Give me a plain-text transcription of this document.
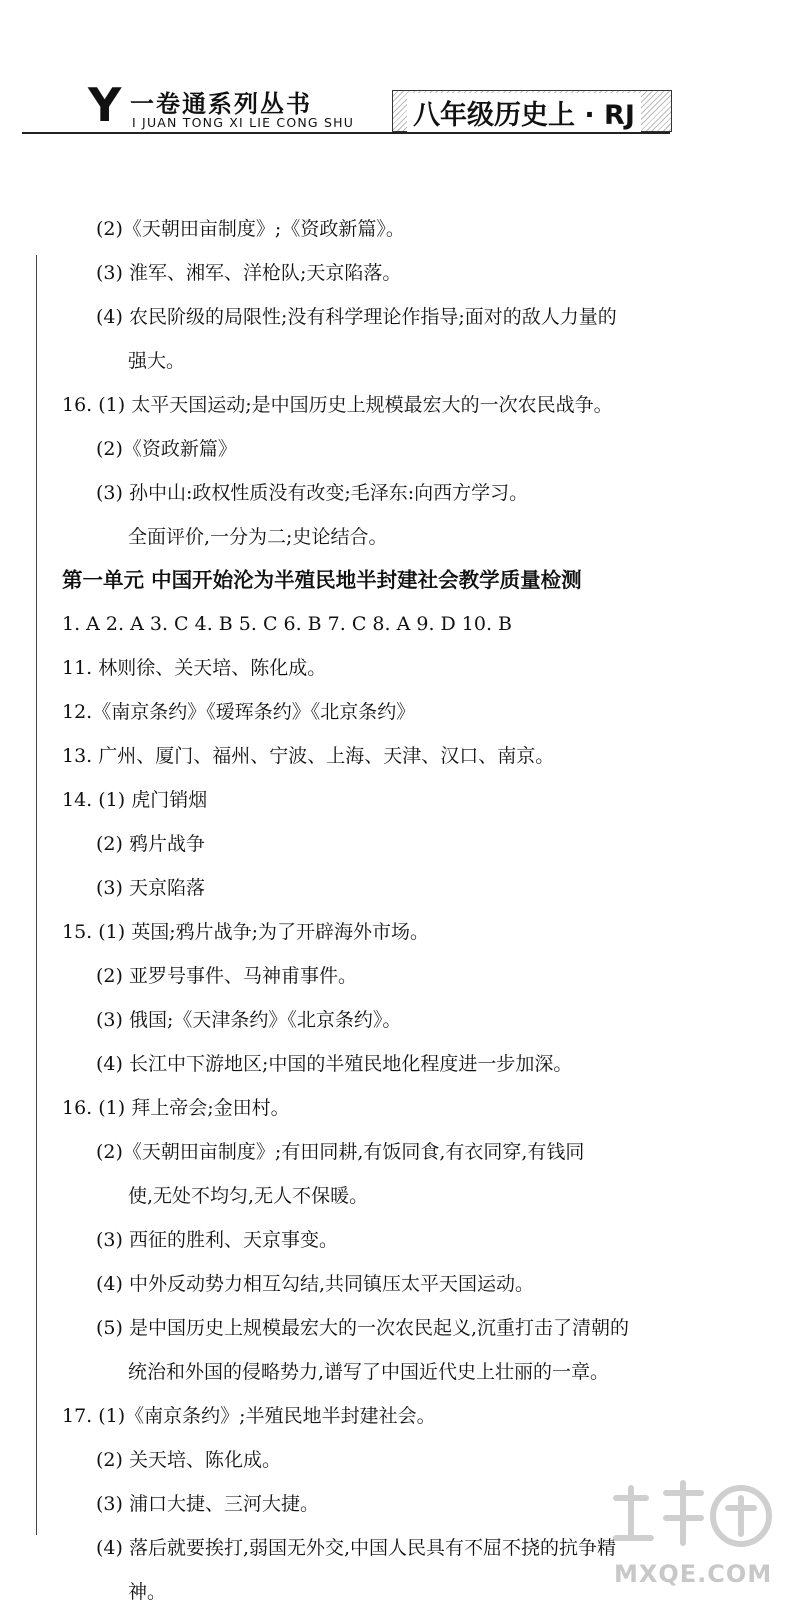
Y 一卷通系列丛书
I JUAN TONG XI LIE CONG SHU 八年级历史上 · RJ
(2)《天朝田亩制度》;《资政新篇》。
(3) 淮军、湘军、洋枪队;天京陷落。
(4) 农民阶级的局限性;没有科学理论作指导;面对的敌人力量的
强大。
16. (1) 太平天国运动;是中国历史上规模最宏大的一次农民战争。
(2)《资政新篇》
(3) 孙中山:政权性质没有改变;毛泽东:向西方学习。
全面评价,一分为二;史论结合。
第一单元 中国开始沦为半殖民地半封建社会教学质量检测
1. A 2. A 3. C 4. B 5. C 6. B 7. C 8. A 9. D 10. B
11. 林则徐、关天培、陈化成。
12.《南京条约》《瑷珲条约》《北京条约》
13. 广州、厦门、福州、宁波、上海、天津、汉口、南京。
14. (1) 虎门销烟
(2) 鸦片战争
(3) 天京陷落
15. (1) 英国;鸦片战争;为了开辟海外市场。
(2) 亚罗号事件、马神甫事件。
(3) 俄国;《天津条约》《北京条约》。
(4) 长江中下游地区;中国的半殖民地化程度进一步加深。
16. (1) 拜上帝会;金田村。
(2)《天朝田亩制度》;有田同耕,有饭同食,有衣同穿,有钱同
使,无处不均匀,无人不保暖。
(3) 西征的胜利、天京事变。
(4) 中外反动势力相互勾结,共同镇压太平天国运动。
(5) 是中国历史上规模最宏大的一次农民起义,沉重打击了清朝的
统治和外国的侵略势力,谱写了中国近代史上壮丽的一章。
17. (1)《南京条约》;半殖民地半封建社会。
(2) 关天培、陈化成。
(3) 浦口大捷、三河大捷。
(4) 落后就要挨打,弱国无外交,中国人民具有不屈不挠的抗争精
神。
MXQE.COM
